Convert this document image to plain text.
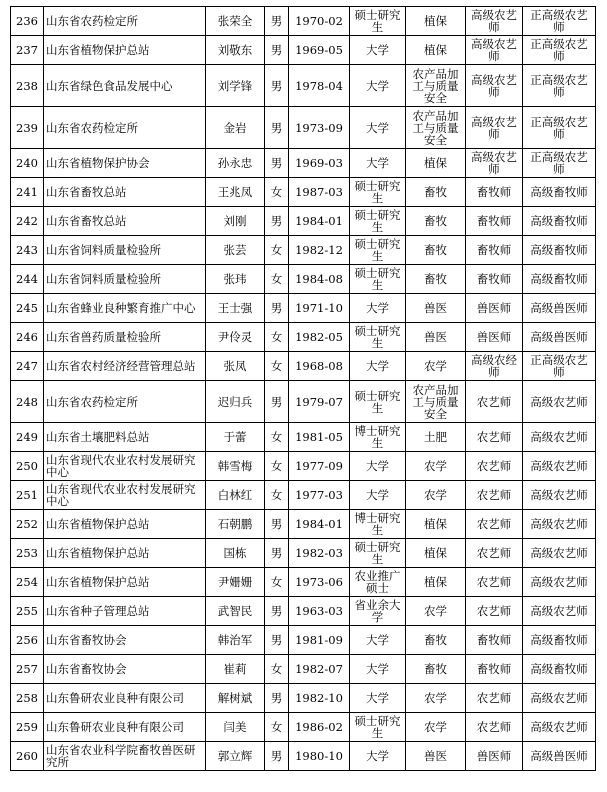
236	山东省农药检定所	张荣全	男	1970-02	硕士研究生	植保	高级农艺师	正高级农艺师
237	山东省植物保护总站	刘敬东	男	1969-05	大学	植保	高级农艺师	正高级农艺师
238	山东省绿色食品发展中心	刘学锋	男	1978-04	大学	农产品加工与质量安全	高级农艺师	正高级农艺师
239	山东省农药检定所	金岩	男	1973-09	大学	农产品加工与质量安全	高级农艺师	正高级农艺师
240	山东省植物保护协会	孙永忠	男	1969-03	大学	植保	高级农艺师	正高级农艺师
241	山东省畜牧总站	王兆凤	女	1987-03	硕士研究生	畜牧	畜牧师	高级畜牧师
242	山东省畜牧总站	刘刚	男	1984-01	硕士研究生	畜牧	畜牧师	高级畜牧师
243	山东省饲料质量检验所	张芸	女	1982-12	硕士研究生	畜牧	畜牧师	高级畜牧师
244	山东省饲料质量检验所	张玮	女	1984-08	硕士研究生	畜牧	畜牧师	高级畜牧师
245	山东省蜂业良种繁育推广中心	王士强	男	1971-10	大学	兽医	兽医师	高级兽医师
246	山东省兽药质量检验所	尹伶灵	女	1982-05	硕士研究生	兽医	兽医师	高级兽医师
247	山东省农村经济经营管理总站	张凤	女	1968-08	大学	农学	高级农经师	正高级农艺师
248	山东省农药检定所	迟归兵	男	1979-07	硕士研究生	农产品加工与质量安全	农艺师	高级农艺师
249	山东省土壤肥料总站	于蕾	女	1981-05	博士研究生	土肥	农艺师	高级农艺师
250	山东省现代农业农村发展研究中心	韩雪梅	女	1977-09	大学	农学	农艺师	高级农艺师
251	山东省现代农业农村发展研究中心	白林红	女	1977-03	大学	农学	农艺师	高级农艺师
252	山东省植物保护总站	石朝鹏	男	1984-01	博士研究生	植保	农艺师	高级农艺师
253	山东省植物保护总站	国栋	男	1982-03	硕士研究生	植保	农艺师	高级农艺师
254	山东省植物保护总站	尹姗姗	女	1973-06	农业推广硕士	植保	农艺师	高级农艺师
255	山东省种子管理总站	武智民	男	1963-03	省业余大学	农学	农艺师	高级农艺师
256	山东省畜牧协会	韩治军	男	1981-09	大学	畜牧	畜牧师	高级畜牧师
257	山东省畜牧协会	崔莉	女	1982-07	大学	畜牧	畜牧师	高级畜牧师
258	山东鲁研农业良种有限公司	解树斌	男	1982-10	大学	农学	农艺师	高级农艺师
259	山东鲁研农业良种有限公司	闫美	女	1986-02	硕士研究生	农学	农艺师	高级农艺师
260	山东省农业科学院畜牧兽医研究所	郭立辉	男	1980-10	大学	兽医	兽医师	高级兽医师
